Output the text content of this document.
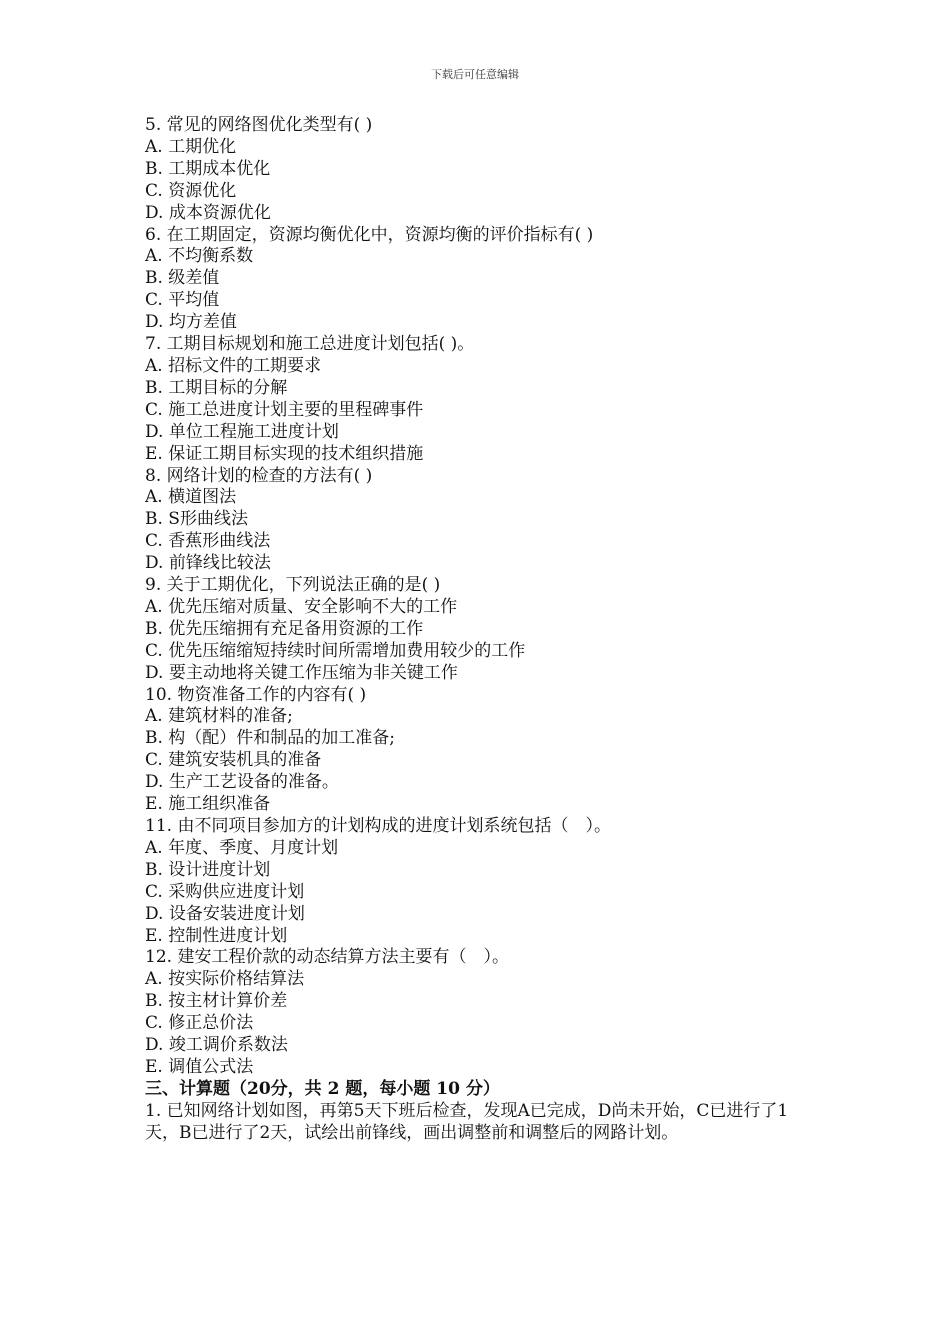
下载后可任意编辑
5. 常见的网络图优化类型有( )
A. 工期优化
B. 工期成本优化
C. 资源优化
D. 成本资源优化
6. 在工期固定，资源均衡优化中，资源均衡的评价指标有( )
A. 不均衡系数
B. 级差值
C. 平均值
D. 均方差值
7. 工期目标规划和施工总进度计划包括( )。
A. 招标文件的工期要求
B. 工期目标的分解
C. 施工总进度计划主要的里程碑事件
D. 单位工程施工进度计划
E. 保证工期目标实现的技术组织措施
8. 网络计划的检查的方法有( )
A. 横道图法
B. S形曲线法
C. 香蕉形曲线法
D. 前锋线比较法
9. 关于工期优化，下列说法正确的是( )
A. 优先压缩对质量、安全影响不大的工作
B. 优先压缩拥有充足备用资源的工作
C. 优先压缩缩短持续时间所需增加费用较少的工作
D. 要主动地将关键工作压缩为非关键工作
10. 物资准备工作的内容有( )
A. 建筑材料的准备;
B. 构（配）件和制品的加工准备;
C. 建筑安装机具的准备
D. 生产工艺设备的准备。
E. 施工组织准备
11. 由不同项目参加方的计划构成的进度计划系统包括（　）。
A. 年度、季度、月度计划
B. 设计进度计划
C. 采购供应进度计划
D. 设备安装进度计划
E. 控制性进度计划
12. 建安工程价款的动态结算方法主要有（　）。
A. 按实际价格结算法
B. 按主材计算价差
C. 修正总价法
D. 竣工调价系数法
E. 调值公式法
三、计算题（20分，共 2 题，每小题 10 分）
1. 已知网络计划如图，再第5天下班后检查，发现A已完成，D尚未开始，C已进行了1天，B已进行了2天，试绘出前锋线，画出调整前和调整后的网路计划。
